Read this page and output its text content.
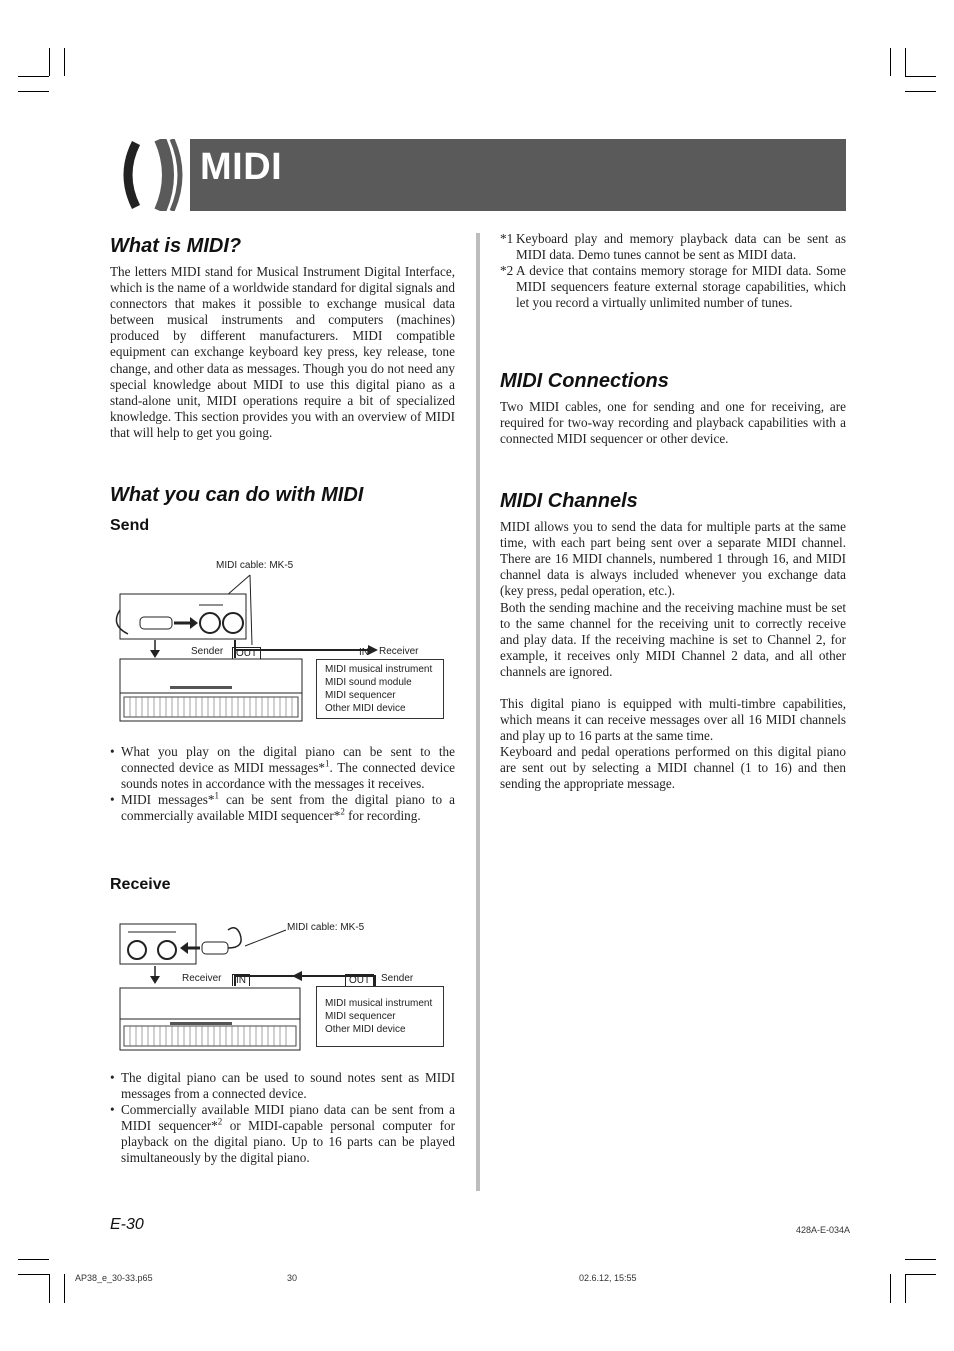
MIDI
What is MIDI?

The letters MIDI stand for Musical Instrument Digital Interface, which is the name of a worldwide standard for digital signals and connectors that makes it possible to exchange musical data between musical instruments and computers (machines) produced by different manufacturers. MIDI compatible equipment can exchange keyboard key press, key release, tone change, and other data as messages. Though you do not need any special knowledge about MIDI to use this digital piano as a stand-alone unit, MIDI operations require a bit of specialized knowledge. This section provides you with an overview of MIDI that will help to get you going.

What you can do with MIDI
Send
MIDI cable: MK-5
Sender	OUT	IN Receiver
MIDI musical instrument
MIDI sound module
MIDI sequencer
Other MIDI device
• What you play on the digital piano can be sent to the connected device as MIDI messages*$^1$. The connected device sounds notes in accordance with the messages it receives.
• MIDI messages*$^1$ can be sent from the digital piano to a commercially available MIDI sequencer*$^2$ for recording.
Receive
MIDI cable: MK-5
Receiver	IN	OUT	Sender
MIDI musical instrument
MIDI sequencer
Other MIDI device
• The digital piano can be used to sound notes sent as MIDI messages from a connected device.
• Commercially available MIDI piano data can be sent from a MIDI sequencer*$^2$ or MIDI-capable personal computer for playback on the digital piano. Up to 16 parts can be played simultaneously by the digital piano.
*1 Keyboard play and memory playback data can be sent as MIDI data. Demo tunes cannot be sent as MIDI data.
*2 A device that contains memory storage for MIDI data. Some MIDI sequencers feature external storage capabilities, which let you record a virtually unlimited number of tunes.
MIDI Connections

Two MIDI cables, one for sending and one for receiving, are required for two-way recording and playback capabilities with a connected MIDI sequencer or other device.

MIDI Channels

MIDI allows you to send the data for multiple parts at the same time, with each part being sent over a separate MIDI channel. There are 16 MIDI channels, numbered 1 through 16, and MIDI channel data is always included whenever you exchange data (key press, pedal operation, etc.).

Both the sending machine and the receiving machine must be set to the same channel for the receiving unit to correctly receive and play data. If the receiving machine is set to Channel 2, for example, it receives only MIDI Channel 2 data, and all other channels are ignored.

This digital piano is equipped with multi-timbre capabilities, which means it can receive messages over all 16 MIDI channels and play up to 16 parts at the same time.

Keyboard and pedal operations performed on this digital piano are sent out by selecting a MIDI channel (1 to 16) and then sending the appropriate message.

E-30	428A-E-034A
AP38_e_30-33.p65	30	02.6.12, 15:55
